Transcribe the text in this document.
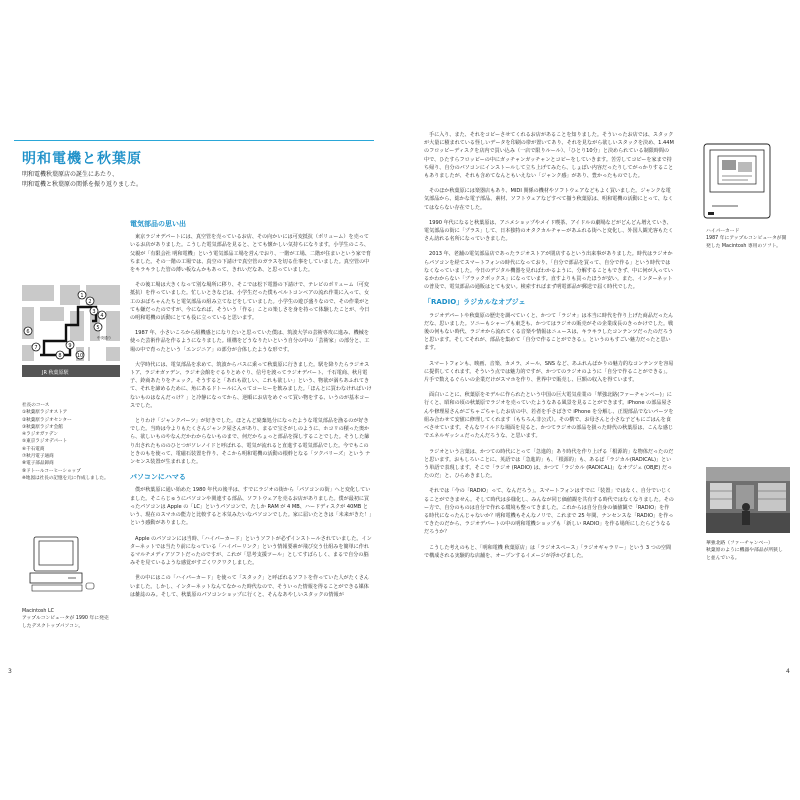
明和電機と秋葉原
明和電機秋葉原店の誕生にあたり、
明和電機と秋葉原の関係を振り返りました。
1
2
3
4
5
6
7
8
9
10
中央通り
JR 秋葉原駅
社長のコース
①秋葉原ラジオストア
②秋葉原ラジオセンター
③秋葉原ラジオ会館
④ラジオガァデン
⑤東京ラジオデパート
⑥千石電商
⑦秋月電子通商
⑧電子部品卸商
⑨ドトールコーヒーショップ
※地図は社長の記憶を元に作成しました。
Macintosh LC
アップルコンピュータが 1990 年に発売
したデスクトップパソコン。
電気部品の思い出

東京ラジオデパートには、真空管を売っているお店、その向かいには可変抵抗（ボリューム）を売っているお店がありました。こうした電気部品を見ると、とても懐かしい気持ちになります。小学生のころ、父親が「有限会社 明和電機」という電気部品工場を営んでおり、一階が工場、二階が住まいという家で育ちました。その一階の工場では、真空の下請けで真空管のガラスを切る仕事をしていました。真空管の中をキラキラした管の薄い板なんかもあって、きれいだなあ、と思っていました。

その後工場は大きくなって別な場所に移り、そこでは松下電器の下請けで、テレビのボリューム（可変抵抗）を作っていました。忙しいときなどは、小学生だった僕もベルトコンベアの流れ作業に入って、女工のおばちゃんたちと電気部品の組み立てなどをしていました。小学生の遊び盛りなので、その作業がとても嫌だったのですが、今になれば、そういう「作る」ことの楽しさを身を持って体験したことが、今日の明和電機の活動にとても役に立っていると思います。

1987 年、小さいころから組機感とになりたいと思っていた僕は、筑波大学の芸術専攻に進み、機械を使った芸術作品を作るようになりました。組構をどうなりたいという自分の中の「芸術家」の部分と、工場の中で育ったという「エンジニア」の部分が合体したような形です。

大学時代には、電気部品を求めて、筑波からバスに乗って秋葉原に行きました。駅を降りたらラジオストア、ラジオガァデン、ラジオ会館をぐるりとめぐり、信号を渡ってラジオデパート、千石電商、秋月電子、鈴商あたりをチェック。そうすると「あれも欲しい、これも欲しい」という、物欲が満ちあふれてきて、それを諦めるために、角にあるドトールに入ってコーヒーを飲みました。「ほんとに買わなければいけないものはなんだっけ？」と冷静になってから、逆順にお店をめぐって買い物をする、いうのが基本コースでした。

とりわけ「ジャンクパーツ」が好きでした。ほとんど廃棄処分になったような電気部品を漁るのが好きでした。当時は今よりもたくさんジャンク屋さんがあり、まるで宝さがしのように、ホコリの積った奥から、欲しいものやなんだかわからないものまで、何だかちょっと部品を探しすることでした。そうした篩り出されたもののひとつがソレノイドと呼ばれる、電気が流れると直進する電気部品でした。今でもこのときのもを使って、電磁石装置を作り、そこから明和電機の活動の根幹となる「ツクバリーズ」という ナンセンス装置が生まれました。

パソコンにハマる

僕が秋葉原に通い始めた 1980 年代の後半は、すでにラジオの街から「パソコンの街」へと変化していました。そこらじゅうにパソコンや関連する部品、ソフトウェアを売るお店がありました。僕が最初に買ったパソコンは Apple の「LC」というパソコンで、たしか RAM が 4 MB、ハードディスクが 40MB という、現在のスマホの能力と比較すると本気みたいなパソコンでした。家に届いたときは「未来がきた！」という感動がありました。

Apple のパソコンには当時、「ハイパーカード」というソフトが必ずインストールされていました。インターネットでは当たり前になっている「ハイパーリンク」という情報要素が飛び交う仕組みを簡単に作れるマルチメディアソフトだったのですが、これが「思考支援ツール」としてすばらしく、まるで自分の脳みそを見ているような感覚がすごくワクワクしました。

世の中にはこの「ハイパーカード」を使って「スタック」と呼ばれるソフトを作っていた人がたくさんいました。しかし、インターネットなんてなかった時代なので、そういった情報を得ることができる媒体は雑誌のみ。そして、秋葉原のパソコンショップに行くと、そんなあやしいスタックの情報が

手に入り、また、それをコピーさせてくれるお店があることを知りました。そういったお店では、スタックが大量に積まれている怪しいデータを印刷の帯が置いてあり、それを見ながら欲しいスタックを決め、1.44M のフロッピーディスクを店内で買い込み（一店で限りルール）、「ひとり10分」と決められている制限時間の中で、ひたすらフロッピーの中にガッチャンガッチャンとコピーをしていきます。苦労してコピーを家まで持ち帰り、自分のパソコンにインストールして立ち上げてみたら、しょぼい内容だったりしてがっかりすることもありましたが、それも含めてなんともいえない「ジャンク感」があり、豊かったものでした。

そのほか秋葉原には楽器店もあり、MIDI 関係の機材やソフトウェアなどもよく買いました。ジャンクな電気部品から、総かな電子部品、素材、ソフトウェアなどすべて揃う秋葉原は、明和電機の活動にとって、なくてはならない存在でした。

1990 年代になると秋葉原は、アニメショップやメイド喫茶、アイドルの劇場などがどんどん増えていき、電気部品の街に「プラス」して、日本独特のオタクカルチャーがあふれる街へと変化し、外国人観光客もたくさん訪れる名所になっていきました。

2013 年、老舗の電気部品店であったラジオストアが閉店するという出来事がありました。時代はラジオからパソコンを経てスマートフォンの時代になっており、「自分で部品を買って、自分で作る」という時代ではなくなっていました。今日のデジタル機器を見ればわかるように、分解することもできず、中に何が入っているかわからない「ブラックボックス」になっています。直すよりも買ったほうが安い。また、インターネットの普及で、電気部品の通販はとても安い。検索すればまず明電部品が郵送で届く時代でした。

「RADIO」ラジカルなオブジェ

ラジオデパートや秋葉原の歴史を調べていくと、かつて「ラジオ」は本当に時代を作り上げた商品だったんだな、思いました。ソニーもシャープも東芝も、かつてはラジオの販売がその企業成長のきっかけでした。戦後の何もない時代、ラジオから流れてくる音楽や情報はニュースは、キラキラしたコンテンツだったのだろうと思います。そしてそれが、部品を集めて「自分で作ることができる」。というのもすごい魅力だったと思います。

スマートフォンも、映画、音楽、カメラ、メール、SNS など、あふれんばかりの魅力的なコンテンツを容易に提供してくれます。そういう点では魅力的ですが、かつてのラジオのように「自分で作ることができる」。片手で数えるぐらいの企業だけがスマホを作り、世界中で販売し、巨額の収入を得ています。

面白いことに、秋葉原をモデルに作られたという中国の巨大電気産業の「華強北路(ファーチャンベー)」に行くと、昭和の頃の秋葉原でラジオを売っていたようなある風景を見ることができます。iPhone の部品屋さんや修理屋さんがごちゃごちゃしたお店の中、若者を手さばきで iPhone を分解し、正規部品でないパーツを組み合わせて安値に修理してくれます（もちろん非公式）。その横で、お母さんと小さな子どもにごはんを食べさせています。そんなワイルドな場面を見ると、かつてラジオの部品を扱った時代の秋葉原は、こんな感じでエネルギッシュだったんだろうな、と思います。

ラジオという言葉は、かつての時代にとって「急進的」あり時代を作り上げる「根源的」な物体だったのだと思います。おもしろいことに、英語では「急進的」も、「根源的」も、あるば「ラジカル(RADICAL)」という単語で表現します。そこで「ラジオ (RADIO) は、かつて「ラジカル (RADICAL)」なオブジェ (OBJE) だったのだ」と、ひらめきました。

それでは「今の「RADIO」って、なんだろう」。スマートフォンはすでに「装置」ではなく、自分でいじくることができません。そして時代は多様化し、みんなが同じ価値観を共有する時代ではなくなりました。そのー方で、自分のものは自分で作れる環境も整ってきました。これからは自分自身の価値観で「RADIO」を作る時代になったんじゃないか？明和電機もそんなノリで、これまで 25 年間、ナンセンスな「RADIO」を作ってきたのだから、ラジオデパートの中の明和電機ショップも「新しい RADIO」を作る場所にしたらどうなるだろうか？

こうした考えのもと、「明和電機 秋葉原店」は「ラジオスペース」「ラジオギャラリー」という 3 つの空間で構成される実験的な店舗を、オープンするイメージが浮かびました。

ハイパーカード
1987 年にアップルコンピュータが開
発した Macintosh 専用のソフト。
華強北路（ファーチャンベー）
秋葉原のように機器や部品が所狭し
と並んでいる。
3	4
